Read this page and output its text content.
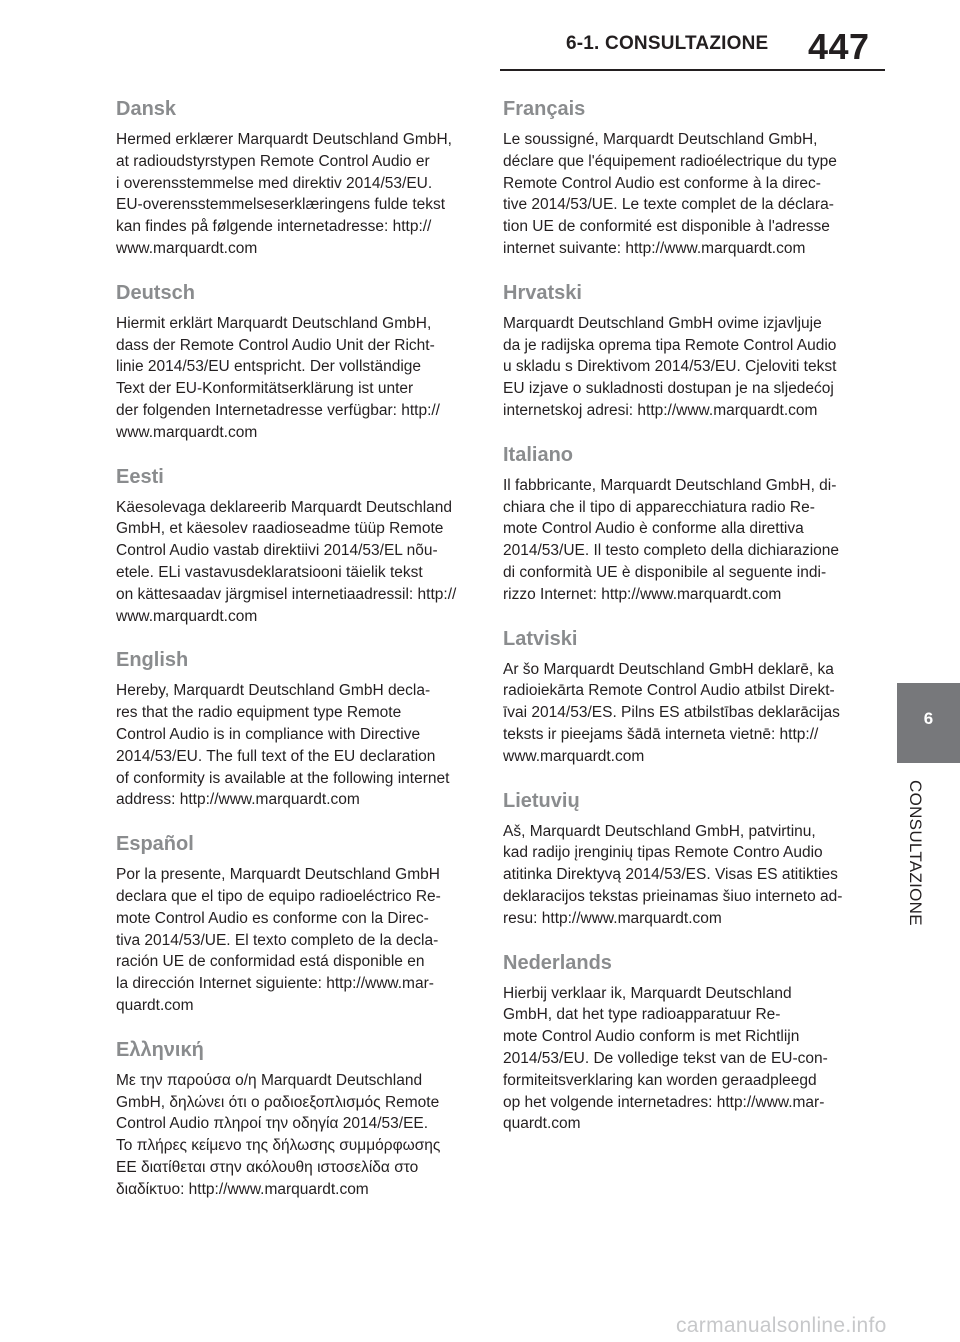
6-1. CONSULTAZIONE 447
Dansk

Hermed erklærer Marquardt Deutschland GmbH,
at radioudstyrstypen Remote Control Audio er
i overensstemmelse med direktiv 2014/53/EU.
EU-overensstemmelseserklæringens fulde tekst
kan findes på følgende internetadresse: http://
www.marquardt.com

Deutsch

Hiermit erklärt Marquardt Deutschland GmbH,
dass der Remote Control Audio Unit der Richt-
linie 2014/53/EU entspricht. Der vollständige
Text der EU-Konformitätserklärung ist unter
der folgenden Internetadresse verfügbar: http://
www.marquardt.com

Eesti

Käesolevaga deklareerib Marquardt Deutschland
GmbH, et käesolev raadioseadme tüüp Remote
Control Audio vastab direktiivi 2014/53/EL nõu-
etele. ELi vastavusdeklaratsiooni täielik tekst
on kättesaadav järgmisel internetiaadressil: http://
www.marquardt.com

English

Hereby, Marquardt Deutschland GmbH decla-
res that the radio equipment type Remote
Control Audio is in compliance with Directive
2014/53/EU. The full text of the EU declaration
of conformity is available at the following internet
address: http://www.marquardt.com

Español

Por la presente, Marquardt Deutschland GmbH
declara que el tipo de equipo radioeléctrico Re-
mote Control Audio es conforme con la Direc-
tiva 2014/53/UE. El texto completo de la decla-
ración UE de conformidad está disponible en
la dirección Internet siguiente: http://www.mar-
quardt.com

Ελληνική

Με την παρούσα ο/η Marquardt Deutschland
GmbH, δηλώνει ότι ο ραδιοεξοπλισμός Remote
Control Audio πληροί την οδηγία 2014/53/ΕΕ.
Το πλήρες κείμενο της δήλωσης συμμόρφωσης
ΕΕ διατίθεται στην ακόλουθη ιστοσελίδα στο
διαδίκτυο: http://www.marquardt.com

Français

Le soussigné, Marquardt Deutschland GmbH,
déclare que l'équipement radioélectrique du type
Remote Control Audio est conforme à la direc-
tive 2014/53/UE. Le texte complet de la déclara-
tion UE de conformité est disponible à l'adresse
internet suivante: http://www.marquardt.com

Hrvatski

Marquardt Deutschland GmbH ovime izjavljuje
da je radijska oprema tipa Remote Control Audio
u skladu s Direktivom 2014/53/EU. Cjeloviti tekst
EU izjave o sukladnosti dostupan je na sljedećoj
internetskoj adresi: http://www.marquardt.com

Italiano

Il fabbricante, Marquardt Deutschland GmbH, di-
chiara che il tipo di apparecchiatura radio Re-
mote Control Audio è conforme alla direttiva
2014/53/UE. Il testo completo della dichiarazione
di conformità UE è disponibile al seguente indi-
rizzo Internet: http://www.marquardt.com

Latviski

Ar šo Marquardt Deutschland GmbH deklarē, ka
radioiekārta Remote Control Audio atbilst Direkt-
īvai 2014/53/ES. Pilns ES atbilstības deklarācijas
teksts ir pieejams šādā interneta vietnē: http://
www.marquardt.com

Lietuvių

Aš, Marquardt Deutschland GmbH, patvirtinu,
kad radijo įrenginių tipas Remote Contro Audio
atitinka Direktyvą 2014/53/ES. Visas ES atitikties
deklaracijos tekstas prieinamas šiuo interneto ad-
resu: http://www.marquardt.com

Nederlands

Hierbij verklaar ik, Marquardt Deutschland
GmbH, dat het type radioapparatuur Re-
mote Control Audio conform is met Richtlijn
2014/53/EU. De volledige tekst van de EU-con-
formiteitsverklaring kan worden geraadpleegd
op het volgende internetadres: http://www.mar-
quardt.com

6
CONSULTAZIONE
carmanualsonline.info
